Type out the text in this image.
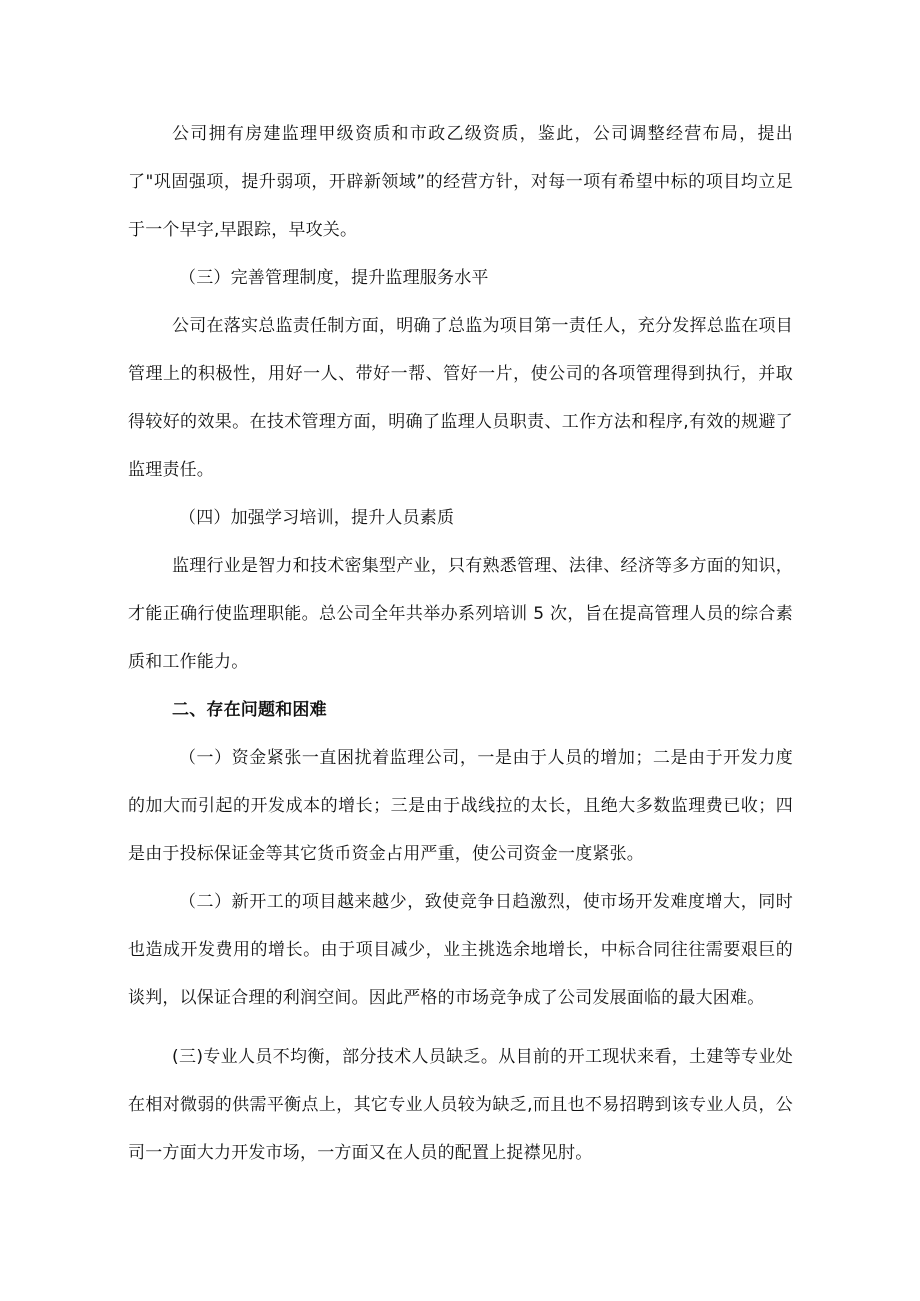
公司拥有房建监理甲级资质和市政乙级资质，鉴此，公司调整经营布局，提出了"巩固强项，提升弱项，开辟新领域”的经营方针，对每一项有希望中标的项目均立足于一个早字,早跟踪，早攻关。

（三）完善管理制度，提升监理服务水平

公司在落实总监责任制方面，明确了总监为项目第一责任人，充分发挥总监在项目管理上的积极性，用好一人、带好一帮、管好一片，使公司的各项管理得到执行，并取得较好的效果。在技术管理方面，明确了监理人员职责、工作方法和程序,有效的规避了监理责任。

（四）加强学习培训，提升人员素质

监理行业是智力和技术密集型产业，只有熟悉管理、法律、经济等多方面的知识，才能正确行使监理职能。总公司全年共举办系列培训 5 次，旨在提高管理人员的综合素质和工作能力。

二、存在问题和困难

（一）资金紧张一直困扰着监理公司，一是由于人员的增加；二是由于开发力度的加大而引起的开发成本的增长；三是由于战线拉的太长，且绝大多数监理费已收；四是由于投标保证金等其它货币资金占用严重，使公司资金一度紧张。

（二）新开工的项目越来越少，致使竞争日趋激烈，使市场开发难度增大，同时也造成开发费用的增长。由于项目减少，业主挑选余地增长，中标合同往往需要艰巨的谈判，以保证合理的利润空间。因此严格的市场竞争成了公司发展面临的最大困难。

(三)专业人员不均衡，部分技术人员缺乏。从目前的开工现状来看，土建等专业处在相对微弱的供需平衡点上，其它专业人员较为缺乏,而且也不易招聘到该专业人员，公司一方面大力开发市场，一方面又在人员的配置上捉襟见肘。
